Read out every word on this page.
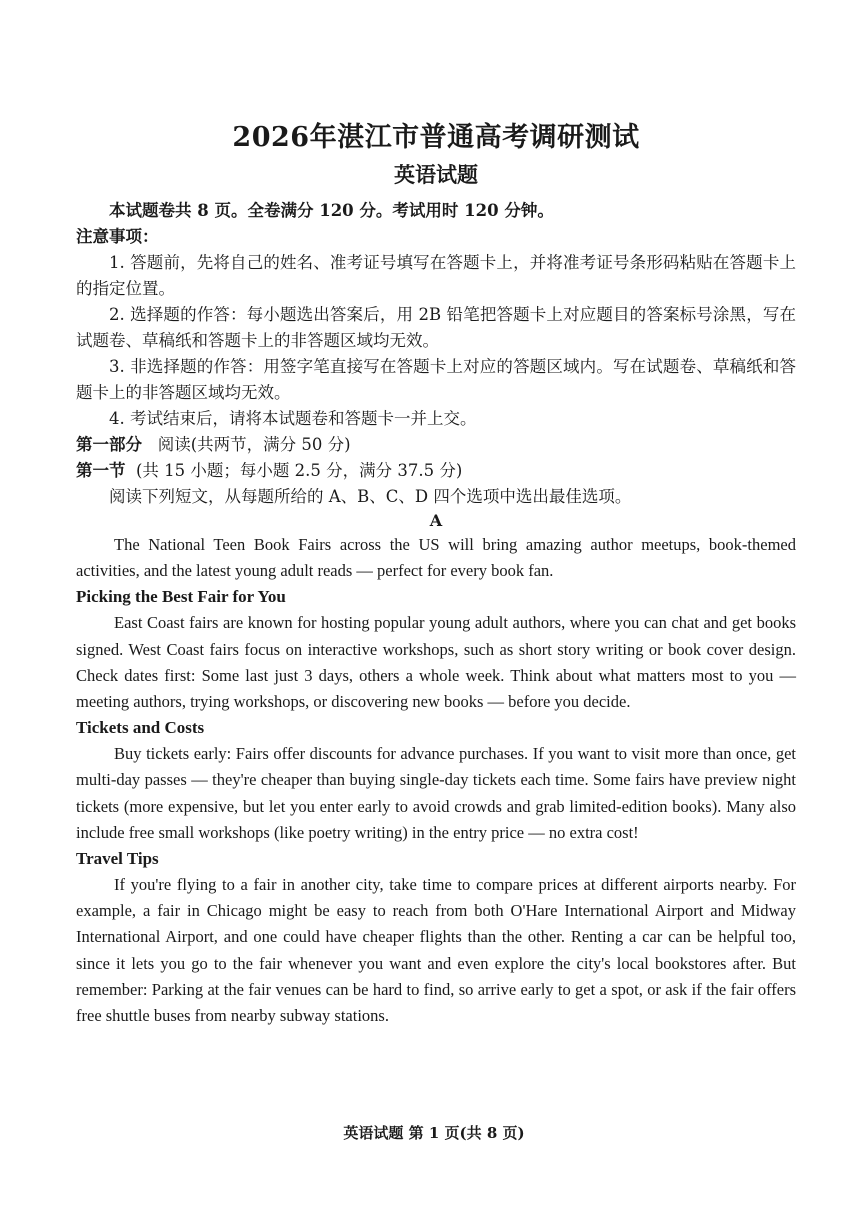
2026年湛江市普通高考调研测试
英语试题

本试题卷共 8 页。全卷满分 120 分。考试用时 120 分钟。

注意事项：

1. 答题前，先将自己的姓名、准考证号填写在答题卡上，并将准考证号条形码粘贴在答题卡上的指定位置。

2. 选择题的作答：每小题选出答案后，用 2B 铅笔把答题卡上对应题目的答案标号涂黑，写在试题卷、草稿纸和答题卡上的非答题区域均无效。

3. 非选择题的作答：用签字笔直接写在答题卡上对应的答题区域内。写在试题卷、草稿纸和答题卡上的非答题区域均无效。

4. 考试结束后，请将本试题卷和答题卡一并上交。

第一部分 阅读(共两节，满分 50 分)

第一节 (共 15 小题；每小题 2.5 分，满分 37.5 分)

阅读下列短文，从每题所给的 A、B、C、D 四个选项中选出最佳选项。

A

The National Teen Book Fairs across the US will bring amazing author meetups, book-themed activities, and the latest young adult reads — perfect for every book fan.

Picking the Best Fair for You

East Coast fairs are known for hosting popular young adult authors, where you can chat and get books signed. West Coast fairs focus on interactive workshops, such as short story writing or book cover design. Check dates first: Some last just 3 days, others a whole week. Think about what matters most to you — meeting authors, trying workshops, or discovering new books — before you decide.

Tickets and Costs

Buy tickets early: Fairs offer discounts for advance purchases. If you want to visit more than once, get multi-day passes — they're cheaper than buying single-day tickets each time. Some fairs have preview night tickets (more expensive, but let you enter early to avoid crowds and grab limited-edition books). Many also include free small workshops (like poetry writing) in the entry price — no extra cost!

Travel Tips

If you're flying to a fair in another city, take time to compare prices at different airports nearby. For example, a fair in Chicago might be easy to reach from both O'Hare International Airport and Midway International Airport, and one could have cheaper flights than the other. Renting a car can be helpful too, since it lets you go to the fair whenever you want and even explore the city's local bookstores after. But remember: Parking at the fair venues can be hard to find, so arrive early to get a spot, or ask if the fair offers free shuttle buses from nearby subway stations.

英语试题 第 1 页(共 8 页)
